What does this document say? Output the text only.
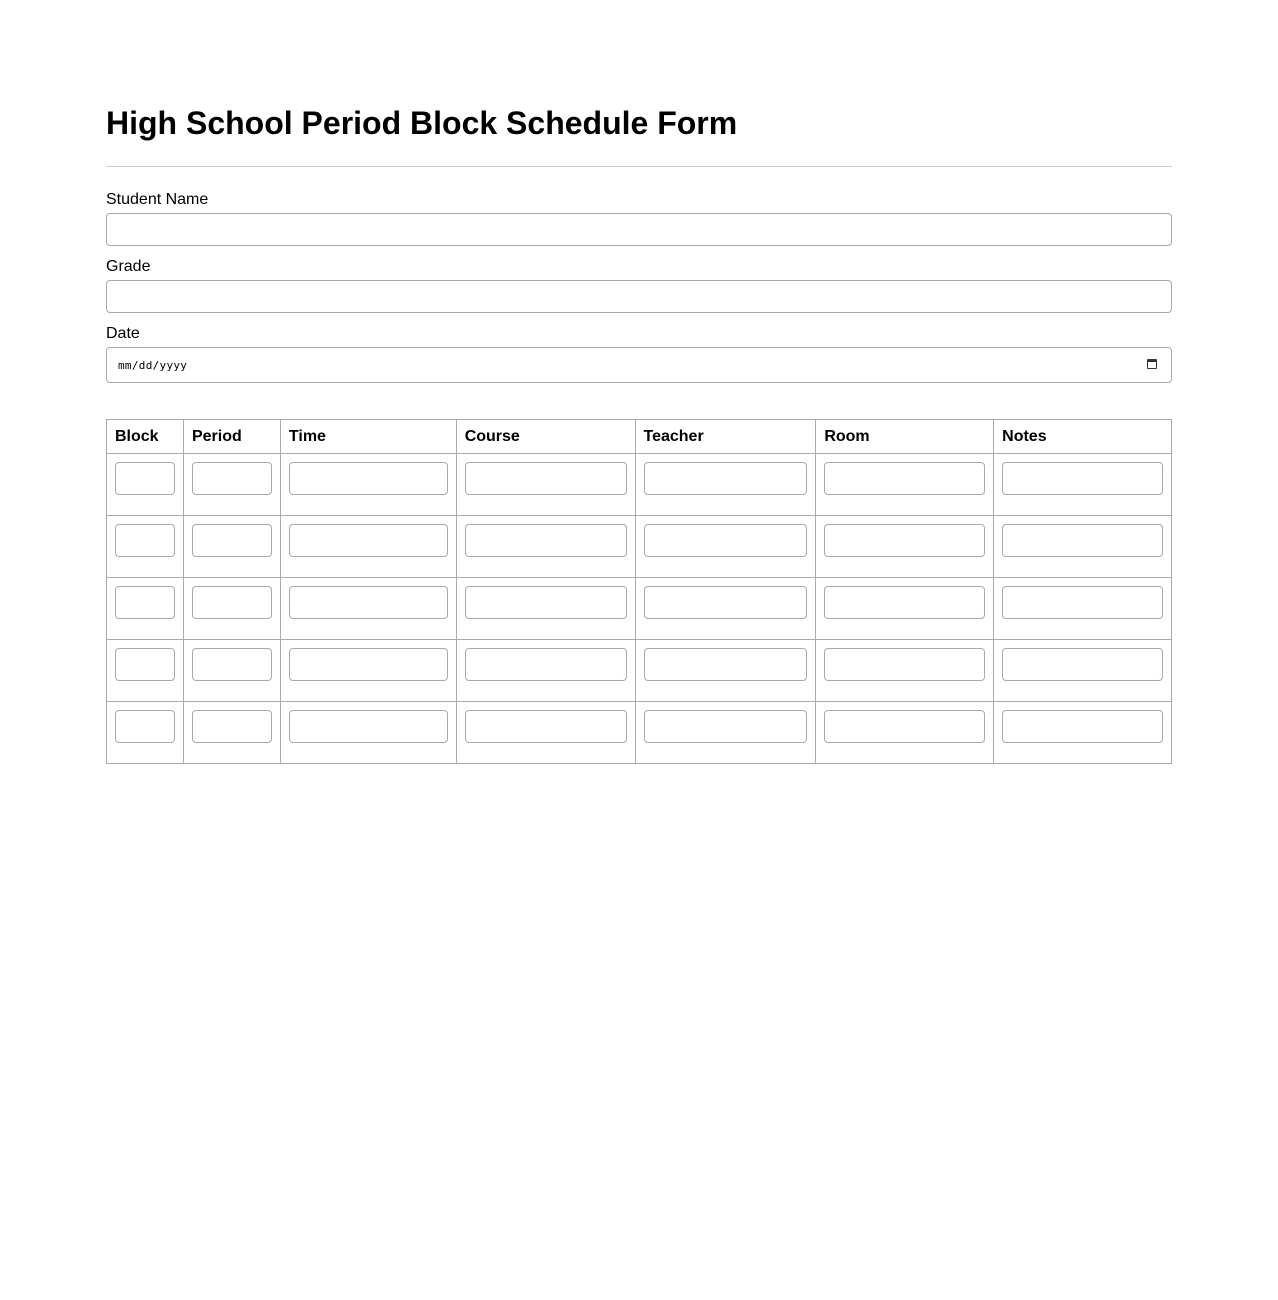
High School Period Block Schedule Form
Student Name
Grade
Date
mm/dd/yyyy
Block	Period	Time	Course	Teacher	Room	Notes
